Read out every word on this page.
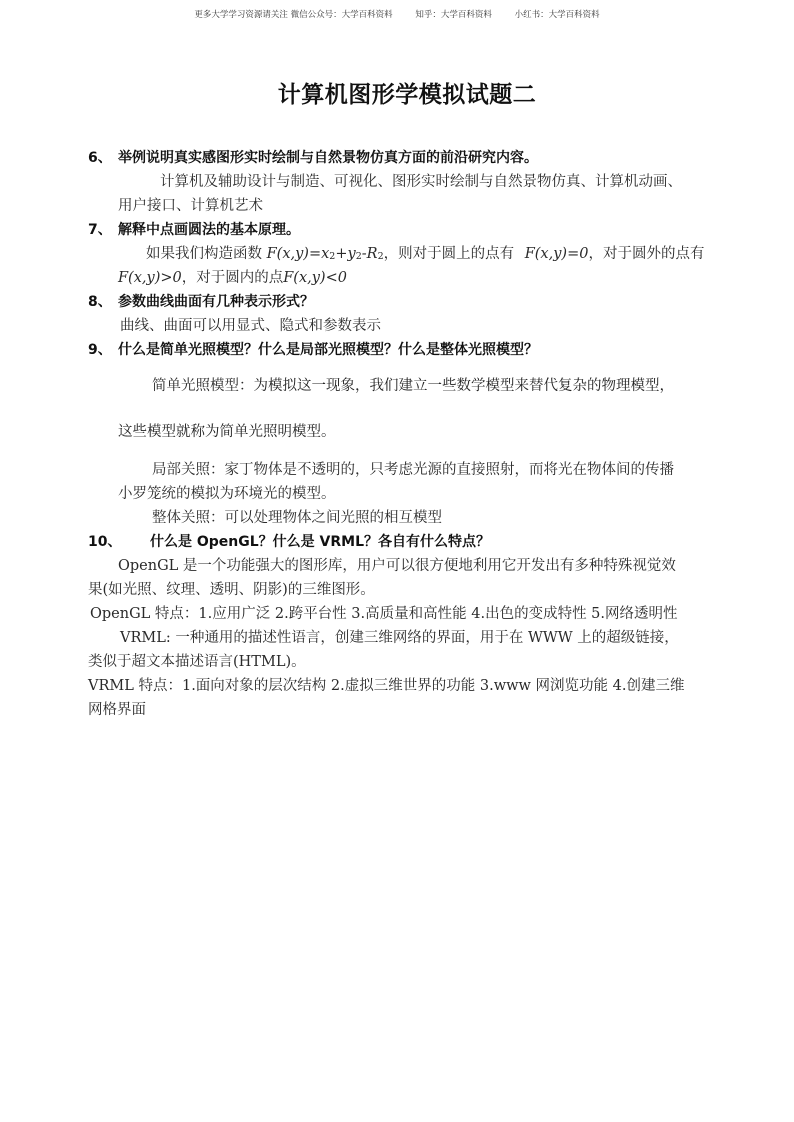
更多大学学习资源请关注 微信公众号：大学百科资料	知乎：大学百科资料	小红书：大学百科资料
计算机图形学模拟试题二
6、 举例说明真实感图形实时绘制与自然景物仿真方面的前沿研究内容。
计算机及辅助设计与制造、可视化、图形实时绘制与自然景物仿真、计算机动画、
用户接口、计算机艺术
7、 解释中点画圆法的基本原理。
如果我们构造函数 F(x,y)=x2+y2-R2，则对于圆上的点有 F(x,y)=0，对于圆外的点有
F(x,y)>0，对于圆内的点F(x,y)<0
8、 参数曲线曲面有几种表示形式？
曲线、曲面可以用显式、隐式和参数表示
9、 什么是简单光照模型？什么是局部光照模型？什么是整体光照模型？
简单光照模型：为模拟这一现象，我们建立一些数学模型来替代复杂的物理模型，
这些模型就称为简单光照明模型。
局部关照：家丁物体是不透明的，只考虑光源的直接照射，而将光在物体间的传播
小罗笼统的模拟为环境光的模型。
整体关照：可以处理物体之间光照的相互模型
10、 什么是 OpenGL？什么是 VRML？各自有什么特点？
OpenGL 是一个功能强大的图形库，用户可以很方便地利用它开发出有多种特殊视觉效
果(如光照、纹理、透明、阴影)的三维图形。
OpenGL 特点：1.应用广泛 2.跨平台性 3.高质量和高性能 4.出色的变成特性 5.网络透明性
VRML: 一种通用的描述性语言，创建三维网络的界面，用于在 WWW 上的超级链接，
类似于超文本描述语言(HTML)。
VRML 特点：1.面向对象的层次结构 2.虚拟三维世界的功能 3.www 网浏览功能 4.创建三维
网格界面
